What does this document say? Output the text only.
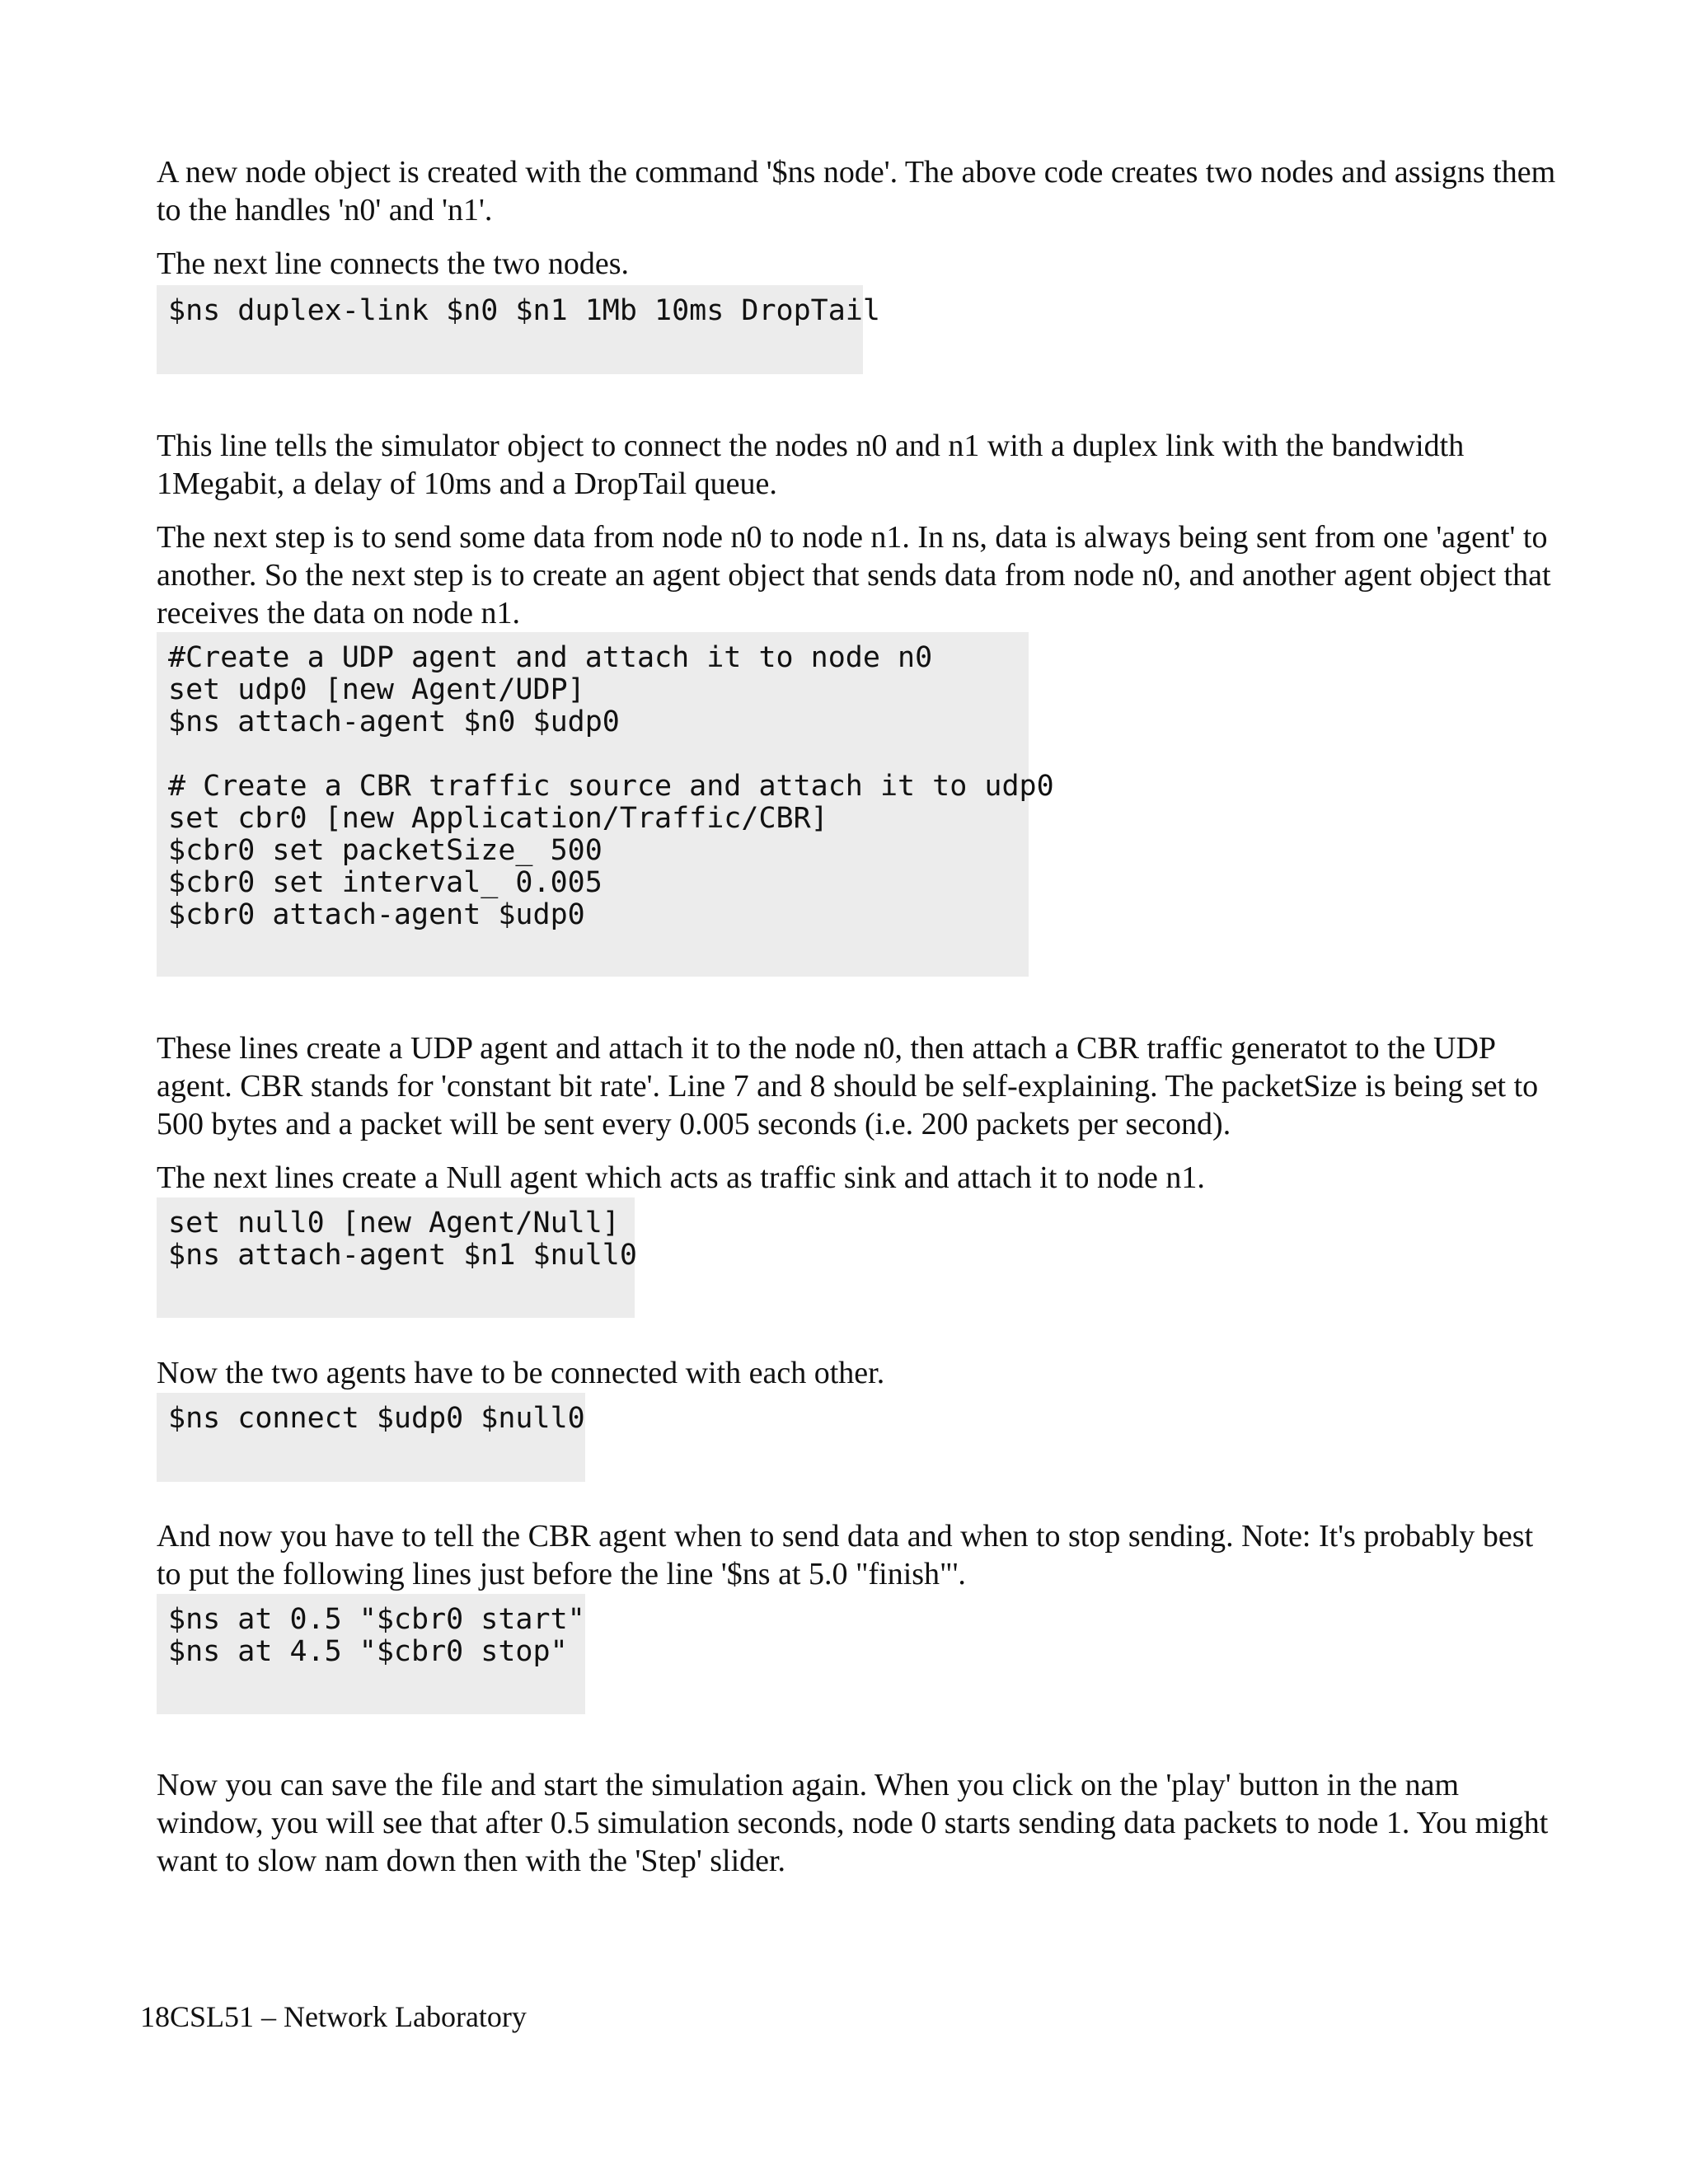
A new node object is created with the command '$ns node'. The above code creates two nodes and assigns them to the handles 'n0' and 'n1'.

The next line connects the two nodes.

$ns duplex-link $n0 $n1 1Mb 10ms DropTail

This line tells the simulator object to connect the nodes n0 and n1 with a duplex link with the bandwidth 1Megabit, a delay of 10ms and a DropTail queue.

The next step is to send some data from node n0 to node n1. In ns, data is always being sent from one 'agent' to another. So the next step is to create an agent object that sends data from node n0, and another agent object that receives the data on node n1.

#Create a UDP agent and attach it to node n0
set udp0 [new Agent/UDP]
$ns attach-agent $n0 $udp0
# Create a CBR traffic source and attach it to udp0
set cbr0 [new Application/Traffic/CBR]
$cbr0 set packetSize_ 500
$cbr0 set interval_ 0.005
$cbr0 attach-agent $udp0

These lines create a UDP agent and attach it to the node n0, then attach a CBR traffic generatot to the UDP agent. CBR stands for 'constant bit rate'. Line 7 and 8 should be self-explaining. The packetSize is being set to 500 bytes and a packet will be sent every 0.005 seconds (i.e. 200 packets per second).

The next lines create a Null agent which acts as traffic sink and attach it to node n1.

set null0 [new Agent/Null]
$ns attach-agent $n1 $null0

Now the two agents have to be connected with each other.

$ns connect $udp0 $null0

And now you have to tell the CBR agent when to send data and when to stop sending. Note: It's probably best to put the following lines just before the line '$ns at 5.0 "finish"'.

$ns at 0.5 "$cbr0 start"
$ns at 4.5 "$cbr0 stop"

Now you can save the file and start the simulation again. When you click on the 'play' button in the nam window, you will see that after 0.5 simulation seconds, node 0 starts sending data packets to node 1. You might want to slow nam down then with the 'Step' slider.

18CSL51 – Network Laboratory
